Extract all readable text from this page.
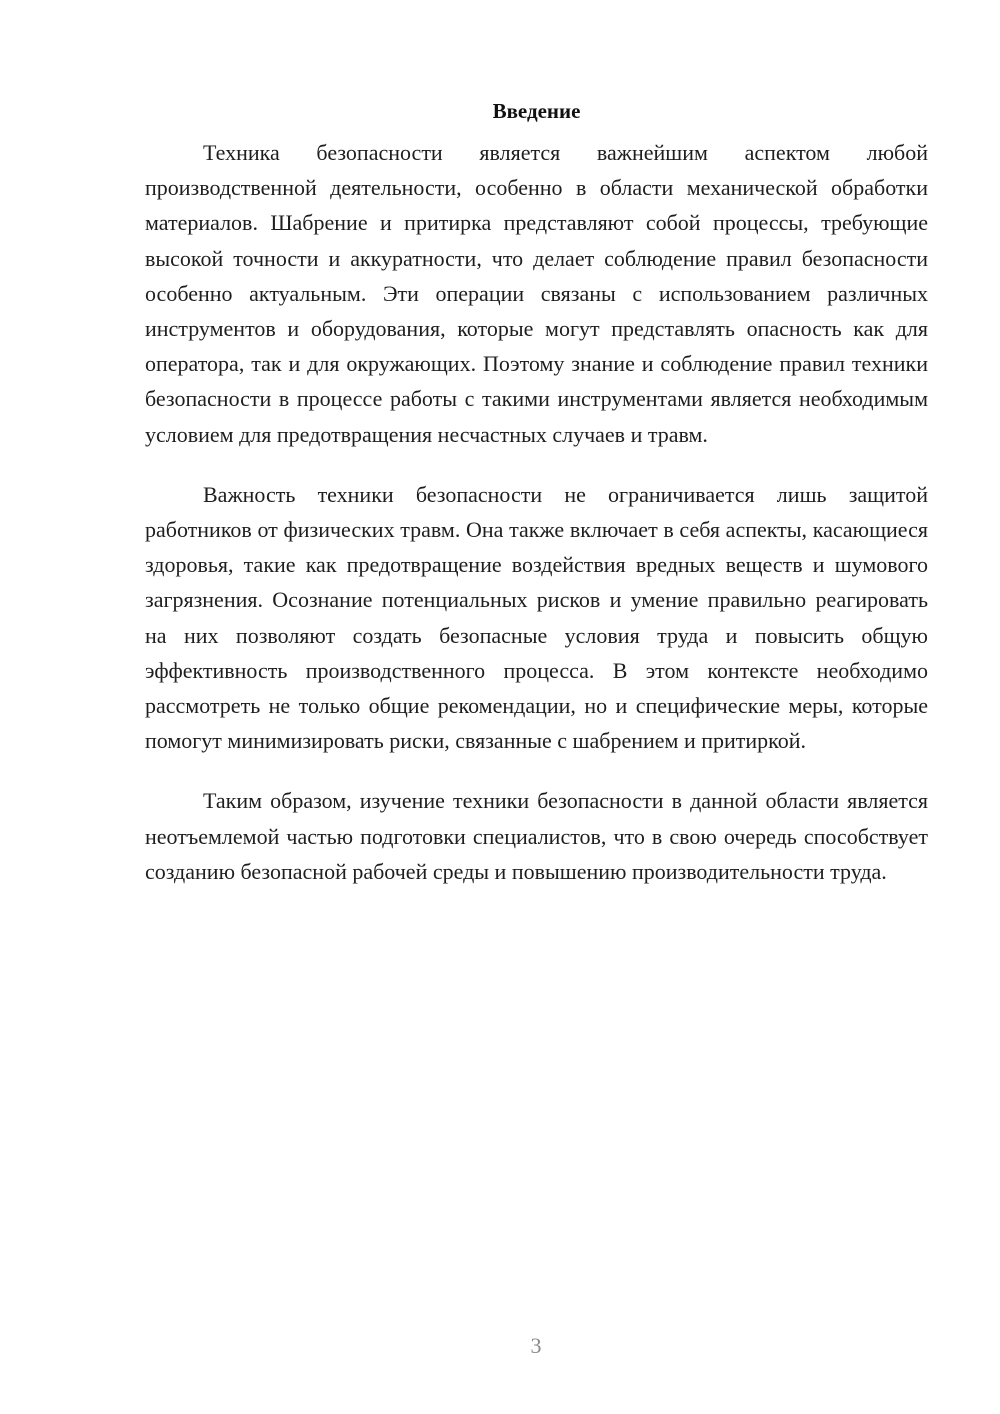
Введение

Техника безопасности является важнейшим аспектом любой производственной деятельности, особенно в области механической обработки материалов. Шабрение и притирка представляют собой процессы, требующие высокой точности и аккуратности, что делает соблюдение правил безопасности особенно актуальным. Эти операции связаны с использованием различных инструментов и оборудования, которые могут представлять опасность как для оператора, так и для окружающих. Поэтому знание и соблюдение правил техники безопасности в процессе работы с такими инструментами является необходимым условием для предотвращения несчастных случаев и травм.

Важность техники безопасности не ограничивается лишь защитой работников от физических травм. Она также включает в себя аспекты, касающиеся здоровья, такие как предотвращение воздействия вредных веществ и шумового загрязнения. Осознание потенциальных рисков и умение правильно реагировать на них позволяют создать безопасные условия труда и повысить общую эффективность производственного процесса. В этом контексте необходимо рассмотреть не только общие рекомендации, но и специфические меры, которые помогут минимизировать риски, связанные с шабрением и притиркой.

Таким образом, изучение техники безопасности в данной области является неотъемлемой частью подготовки специалистов, что в свою очередь способствует созданию безопасной рабочей среды и повышению производительности труда.

3
